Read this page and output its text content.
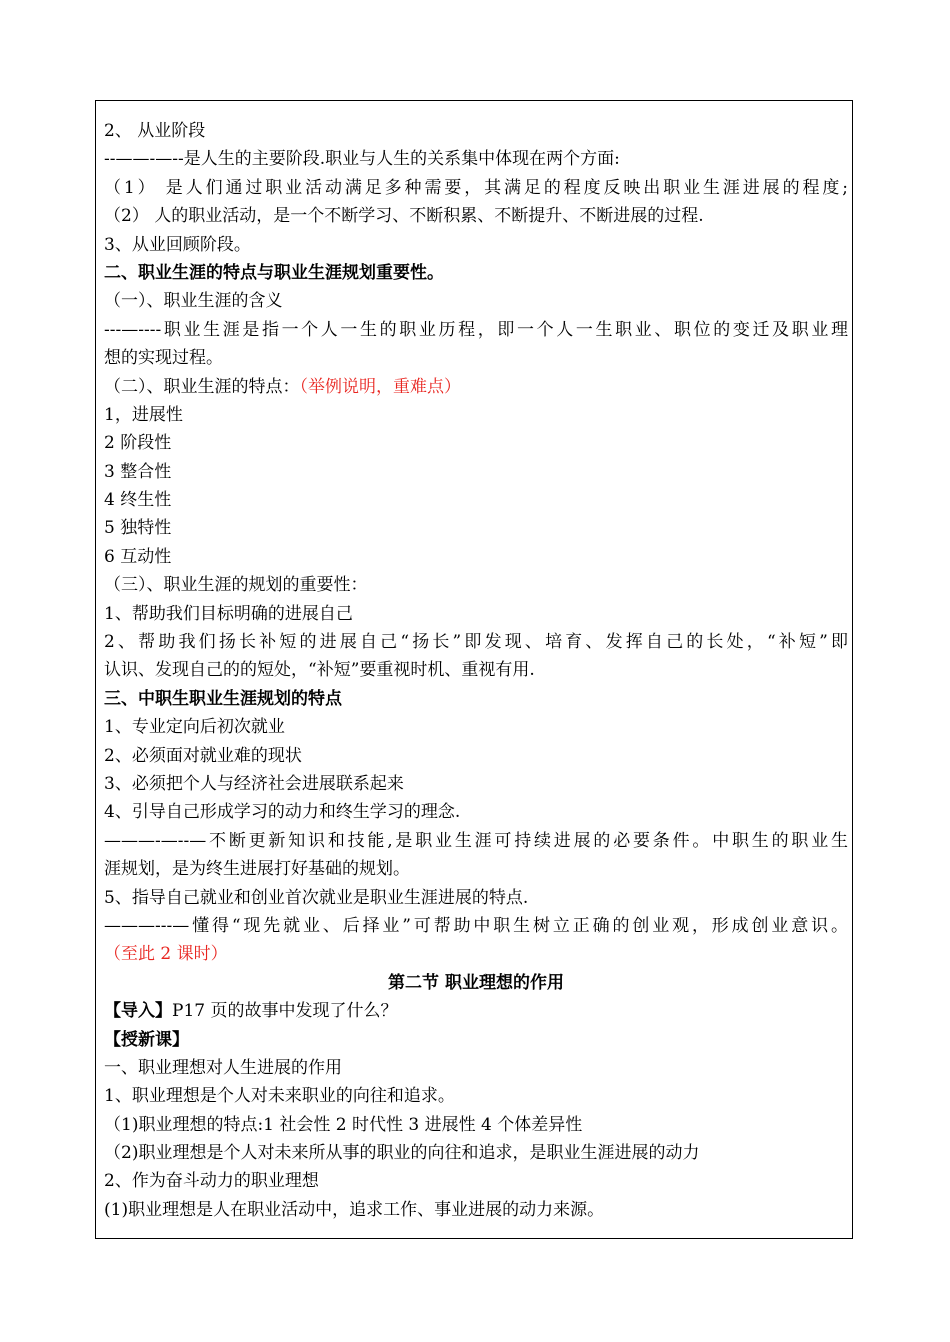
2、 从业阶段
--——-—--是人生的主要阶段.职业与人生的关系集中体现在两个方面:
（1） 是人们通过职业活动满足多种需要，其满足的程度反映出职业生涯进展的程度;
（2） 人的职业活动，是一个不断学习、不断积累、不断提升、不断进展的过程.
3、从业回顾阶段。
二、职业生涯的特点与职业生涯规划重要性。
（一）、职业生涯的含义
---—----职业生涯是指一个人一生的职业历程，即一个人一生职业、职位的变迁及职业理
想的实现过程。
（二）、职业生涯的特点：（举例说明，重难点）
1，进展性
2 阶段性
3 整合性
4 终生性
5 独特性
6 互动性
（三）、职业生涯的规划的重要性：
1、帮助我们目标明确的进展自己
2、帮助我们扬长补短的进展自己“扬长”即发现、培育、发挥自己的长处，“补短”即
认识、发现自己的的短处，“补短”要重视时机、重视有用.
三、中职生职业生涯规划的特点
1、专业定向后初次就业
2、必须面对就业难的现状
3、必须把个人与经济社会进展联系起来
4、引导自己形成学习的动力和终生学习的理念.
———-—--—不断更新知识和技能,是职业生涯可持续进展的必要条件。中职生的职业生
涯规划，是为终生进展打好基础的规划。
5、指导自己就业和创业首次就业是职业生涯进展的特点.
———---—懂得“现先就业、后择业”可帮助中职生树立正确的创业观，形成创业意识。
（至此 2 课时）
第二节 职业理想的作用
【导入】P17 页的故事中发现了什么？
【授新课】
一、职业理想对人生进展的作用
1、职业理想是个人对未来职业的向往和追求。
（1)职业理想的特点:1 社会性 2 时代性 3 进展性 4 个体差异性
（2)职业理想是个人对未来所从事的职业的向往和追求，是职业生涯进展的动力
2、作为奋斗动力的职业理想
(1)职业理想是人在职业活动中，追求工作、事业进展的动力来源。
